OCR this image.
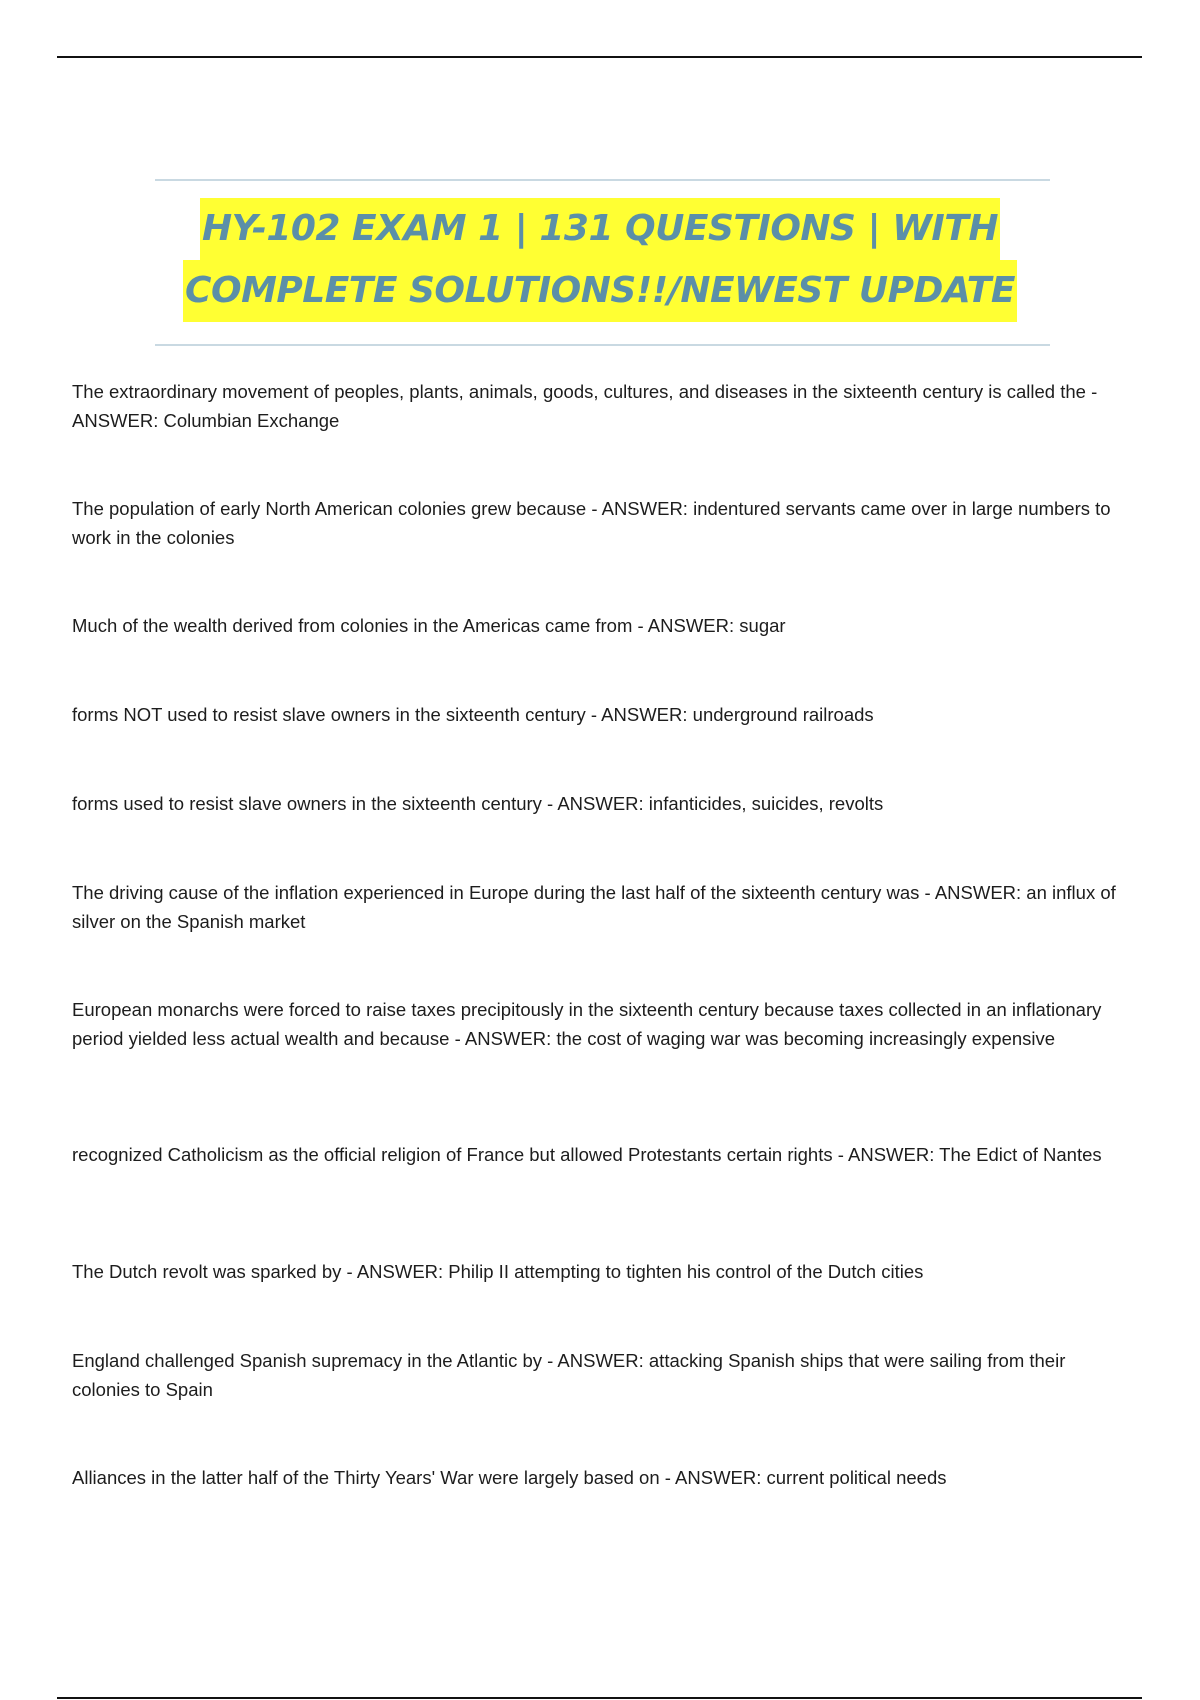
HY-102 EXAM 1 | 131 QUESTIONS | WITH
COMPLETE SOLUTIONS!!/NEWEST UPDATE
The extraordinary movement of peoples, plants, animals, goods, cultures, and diseases in the sixteenth century is called the - ANSWER: Columbian Exchange
The population of early North American colonies grew because - ANSWER: indentured servants came over in large numbers to work in the colonies
Much of the wealth derived from colonies in the Americas came from - ANSWER: sugar
forms NOT used to resist slave owners in the sixteenth century - ANSWER: underground railroads
forms used to resist slave owners in the sixteenth century - ANSWER: infanticides, suicides, revolts
The driving cause of the inflation experienced in Europe during the last half of the sixteenth century was - ANSWER: an influx of silver on the Spanish market
European monarchs were forced to raise taxes precipitously in the sixteenth century because taxes collected in an inflationary period yielded less actual wealth and because - ANSWER: the cost of waging war was becoming increasingly expensive
recognized Catholicism as the official religion of France but allowed Protestants certain rights - ANSWER: The Edict of Nantes
The Dutch revolt was sparked by - ANSWER: Philip II attempting to tighten his control of the Dutch cities
England challenged Spanish supremacy in the Atlantic by - ANSWER: attacking Spanish ships that were sailing from their colonies to Spain
Alliances in the latter half of the Thirty Years' War were largely based on - ANSWER: current political needs
